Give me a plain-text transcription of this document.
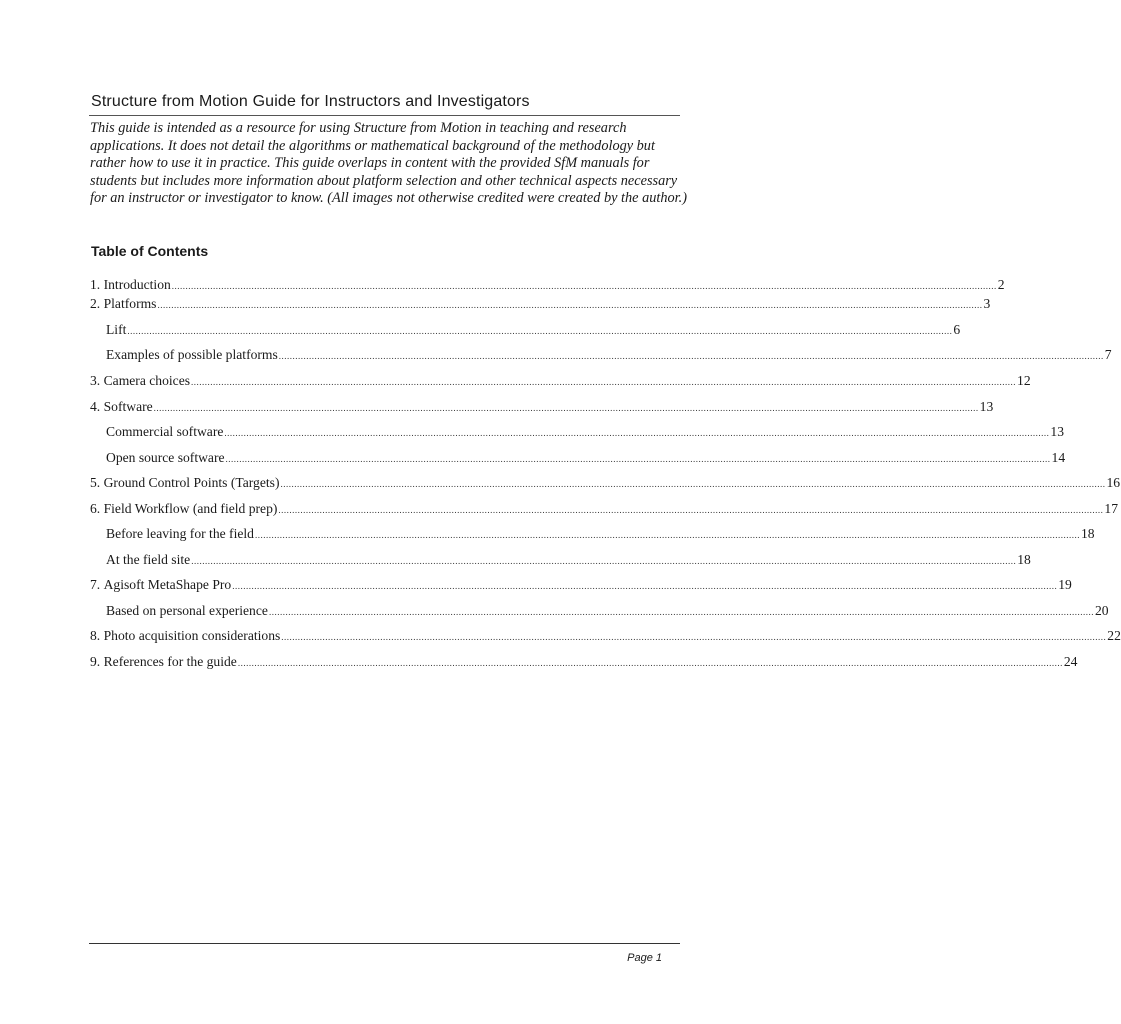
Structure from Motion Guide for Instructors and Investigators

This guide is intended as a resource for using Structure from Motion in teaching and research applications. It does not detail the algorithms or mathematical background of the methodology but rather how to use it in practice. This guide overlaps in content with the provided SfM manuals for students but includes more information about platform selection and other technical aspects necessary for an instructor or investigator to know. (All images not otherwise credited were created by the author.)

Table of Contents
1. Introduction ............................................................................................................................................................................................................................................................................................................ 2
2. Platforms ............................................................................................................................................................................................................................................................................................................ 3
Lift ............................................................................................................................................................................................................................................................................................................ 6
Examples of possible platforms ............................................................................................................................................................................................................................................................................................................ 7
3. Camera choices ............................................................................................................................................................................................................................................................................................................ 12
4. Software ............................................................................................................................................................................................................................................................................................................ 13
Commercial software ............................................................................................................................................................................................................................................................................................................ 13
Open source software ............................................................................................................................................................................................................................................................................................................ 14
5. Ground Control Points (Targets) ............................................................................................................................................................................................................................................................................................................ 16
6. Field Workflow (and field prep) ............................................................................................................................................................................................................................................................................................................ 17
Before leaving for the field ............................................................................................................................................................................................................................................................................................................ 18
At the field site ............................................................................................................................................................................................................................................................................................................ 18
7. Agisoft MetaShape Pro ............................................................................................................................................................................................................................................................................................................ 19
Based on personal experience ............................................................................................................................................................................................................................................................................................................ 20
8. Photo acquisition considerations ............................................................................................................................................................................................................................................................................................................ 22
9. References for the guide ............................................................................................................................................................................................................................................................................................................ 24
Page 1
